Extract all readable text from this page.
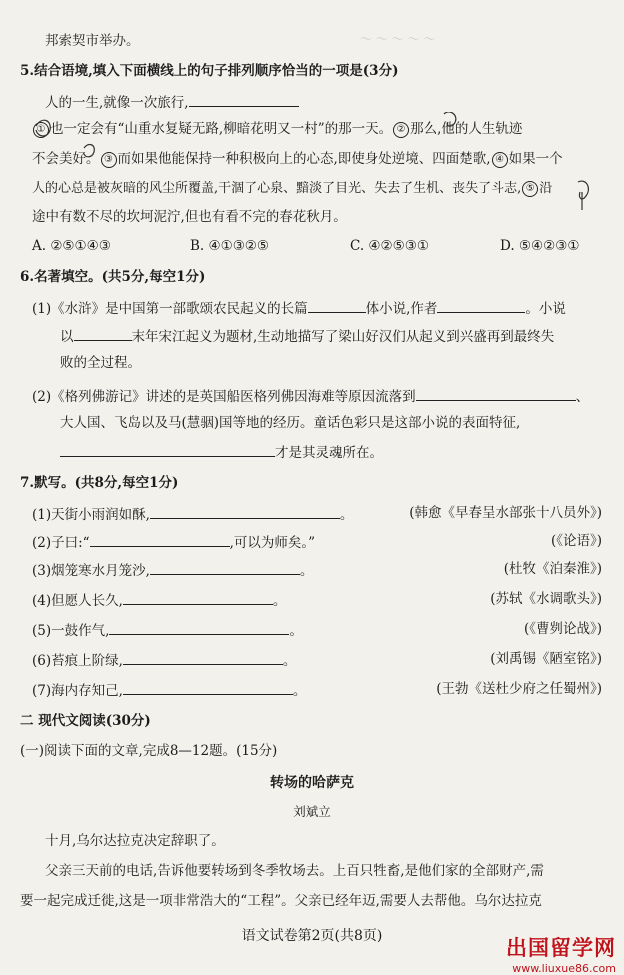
～ ～ ～ ～ ～
邦索契市举办。
5.结合语境,填入下面横线上的句子排列顺序恰当的一项是(3分)
人的一生,就像一次旅行,
① 也一定会有“山重水复疑无路,柳暗花明又一村”的那一天。 ② 那么,他的人生轨迹
不会美好。 ③ 而如果他能保持一种积极向上的心态,即使身处逆境、四面楚歌, ④ 如果一个
人的心总是被灰暗的风尘所覆盖,干涸了心泉、黯淡了目光、失去了生机、丧失了斗志, ⑤ 沿
途中有数不尽的坎坷泥泞,但也有看不完的春花秋月。
A. ②⑤①④③	B. ④①③②⑤	C. ④②⑤③①	D. ⑤④②③①
6.名著填空。(共5分,每空1分)
(1)《水浒》是中国第一部歌颂农民起义的长篇	体小说,作者	。小说
以	末年宋江起义为题材,生动地描写了梁山好汉们从起义到兴盛再到最终失
败的全过程。
(2)《格列佛游记》讲述的是英国船医格列佛因海难等原因流落到	、
大人国、飞岛以及马(慧骃)国等地的经历。童话色彩只是这部小说的表面特征,
才是其灵魂所在。
7.默写。(共8分,每空1分)
(1)天街小雨润如酥,	。	(韩愈《早春呈水部张十八员外》)
(2)子曰:“	,可以为师矣。”	(《论语》)
(3)烟笼寒水月笼沙,	。	(杜牧《泊秦淮》)
(4)但愿人长久,	。	(苏轼《水调歌头》)
(5)一鼓作气,	。	(《曹刿论战》)
(6)苔痕上阶绿,	。	(刘禹锡《陋室铭》)
(7)海内存知己,	。	(王勃《送杜少府之任蜀州》)
二 现代文阅读(30分)
(一)阅读下面的文章,完成8—12题。(15分)
转场的哈萨克
刘斌立
十月,乌尔达拉克决定辞职了。
父亲三天前的电话,告诉他要转场到冬季牧场去。上百只牲畜,是他们家的全部财产,需
要一起完成迁徙,这是一项非常浩大的“工程”。父亲已经年迈,需要人去帮他。乌尔达拉克
语文试卷第2页(共8页)	出国留学网
www.liuxue86.com
